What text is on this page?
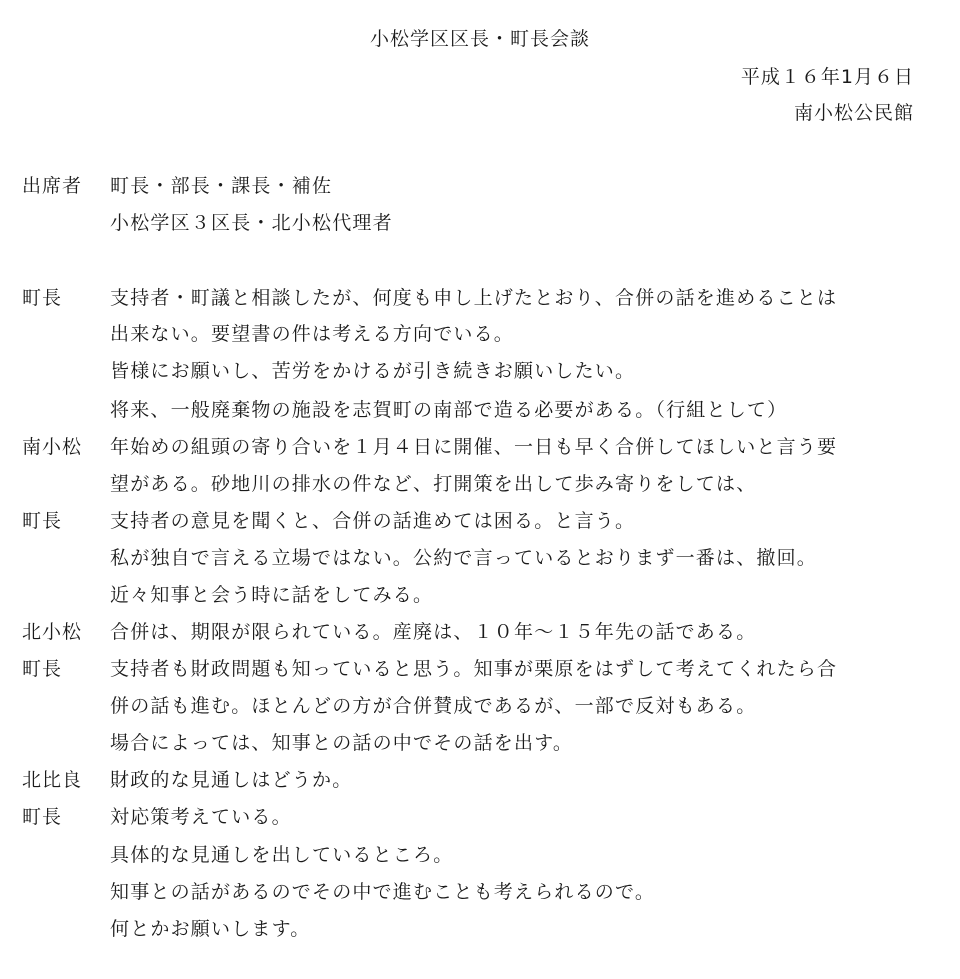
小松学区区長・町長会談
平成１６年1月６日
南小松公民館
出席者 町長・部長・課長・補佐
小松学区３区長・北小松代理者
町長	支持者・町議と相談したが、何度も申し上げたとおり、合併の話を進めることは
出来ない。要望書の件は考える方向でいる。
皆様にお願いし、苦労をかけるが引き続きお願いしたい。
将来、一般廃棄物の施設を志賀町の南部で造る必要がある。（行組として）
南小松 年始めの組頭の寄り合いを１月４日に開催、一日も早く合併してほしいと言う要
望がある。砂地川の排水の件など、打開策を出して歩み寄りをしては、
町長	支持者の意見を聞くと、合併の話進めては困る。と言う。
私が独自で言える立場ではない。公約で言っているとおりまず一番は、撤回。
近々知事と会う時に話をしてみる。
北小松 合併は、期限が限られている。産廃は、１０年～１５年先の話である。
町長	支持者も財政問題も知っていると思う。知事が栗原をはずして考えてくれたら合
併の話も進む。ほとんどの方が合併賛成であるが、一部で反対もある。
場合によっては、知事との話の中でその話を出す。
北比良 財政的な見通しはどうか。
町長	対応策考えている。
具体的な見通しを出しているところ。
知事との話があるのでその中で進むことも考えられるので。
何とかお願いします。
